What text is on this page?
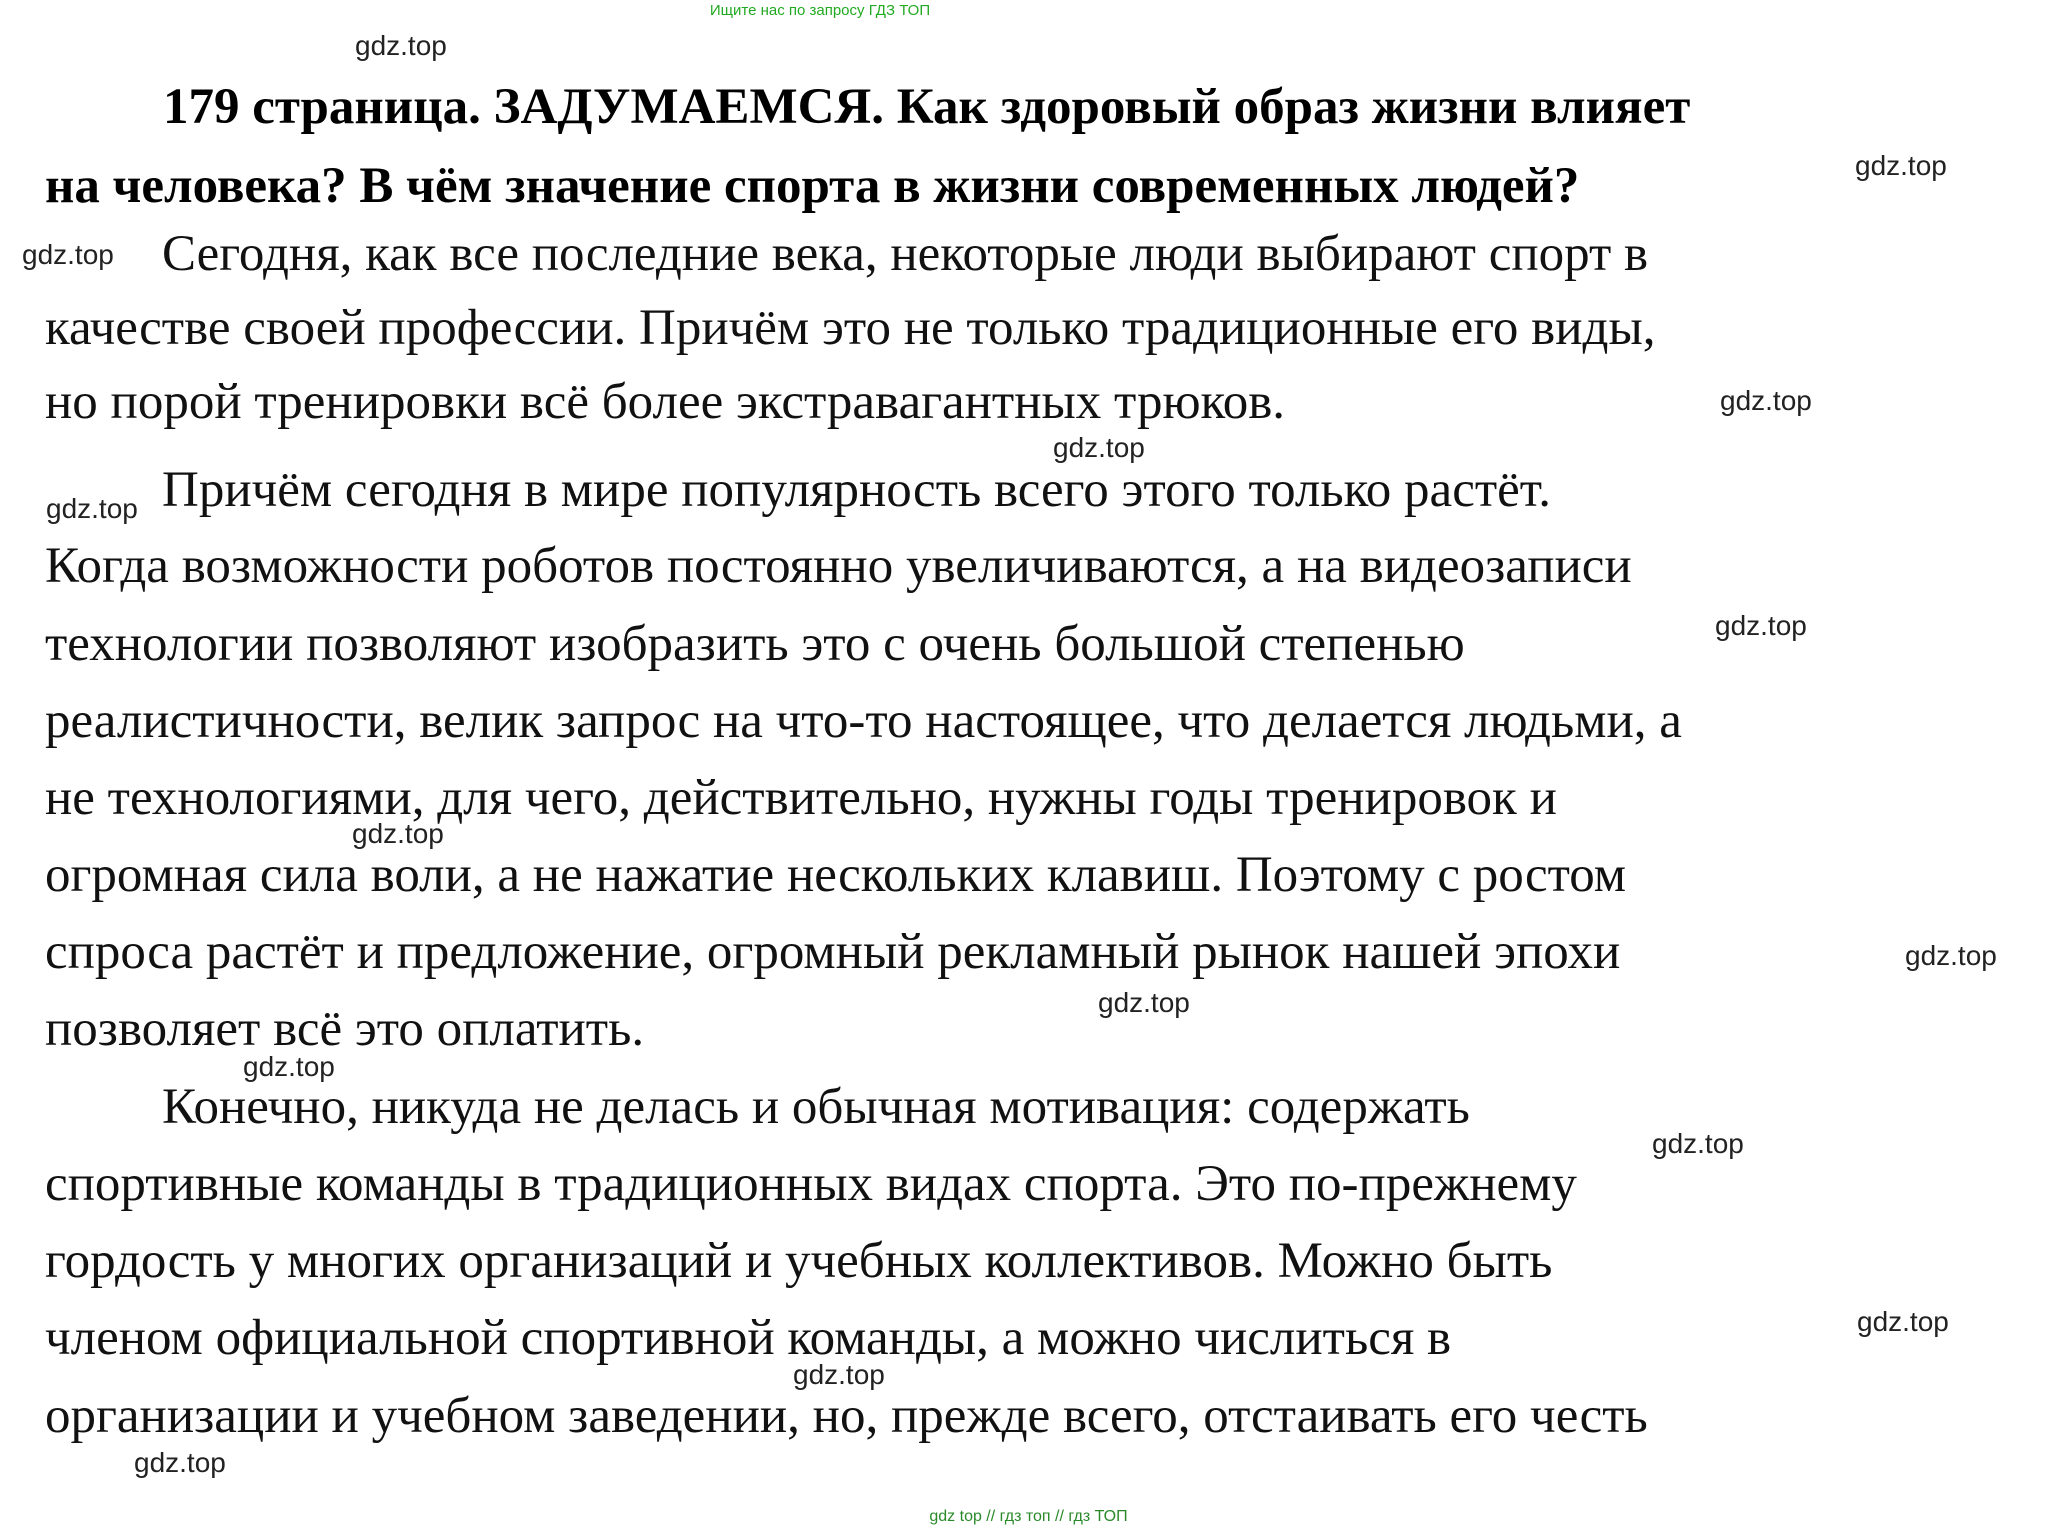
Ищите нас по запросу ГДЗ ТОП
179 страница. ЗАДУМАЕМСЯ. Как здоровый образ жизни влияет
на человека? В чём значение спорта в жизни современных людей?
Сегодня, как все последние века, некоторые люди выбирают спорт в
качестве своей профессии. Причём это не только традиционные его виды,
но порой тренировки всё более экстравагантных трюков.
Причём сегодня в мире популярность всего этого только растёт.
Когда возможности роботов постоянно увеличиваются, а на видеозаписи
технологии позволяют изобразить это с очень большой степенью
реалистичности, велик запрос на что-то настоящее, что делается людьми, а
не технологиями, для чего, действительно, нужны годы тренировок и
огромная сила воли, а не нажатие нескольких клавиш. Поэтому с ростом
спроса растёт и предложение, огромный рекламный рынок нашей эпохи
позволяет всё это оплатить.
Конечно, никуда не делась и обычная мотивация: содержать
спортивные команды в традиционных видах спорта. Это по-прежнему
гордость у многих организаций и учебных коллективов. Можно быть
членом официальной спортивной команды, а можно числиться в
организации и учебном заведении, но, прежде всего, отстаивать его честь
gdz.top
gdz.top
gdz.top
gdz.top
gdz.top
gdz.top
gdz.top
gdz.top
gdz.top
gdz.top
gdz.top
gdz.top
gdz.top
gdz.top
gdz.top
gdz top // гдз топ // гдз ТОП
